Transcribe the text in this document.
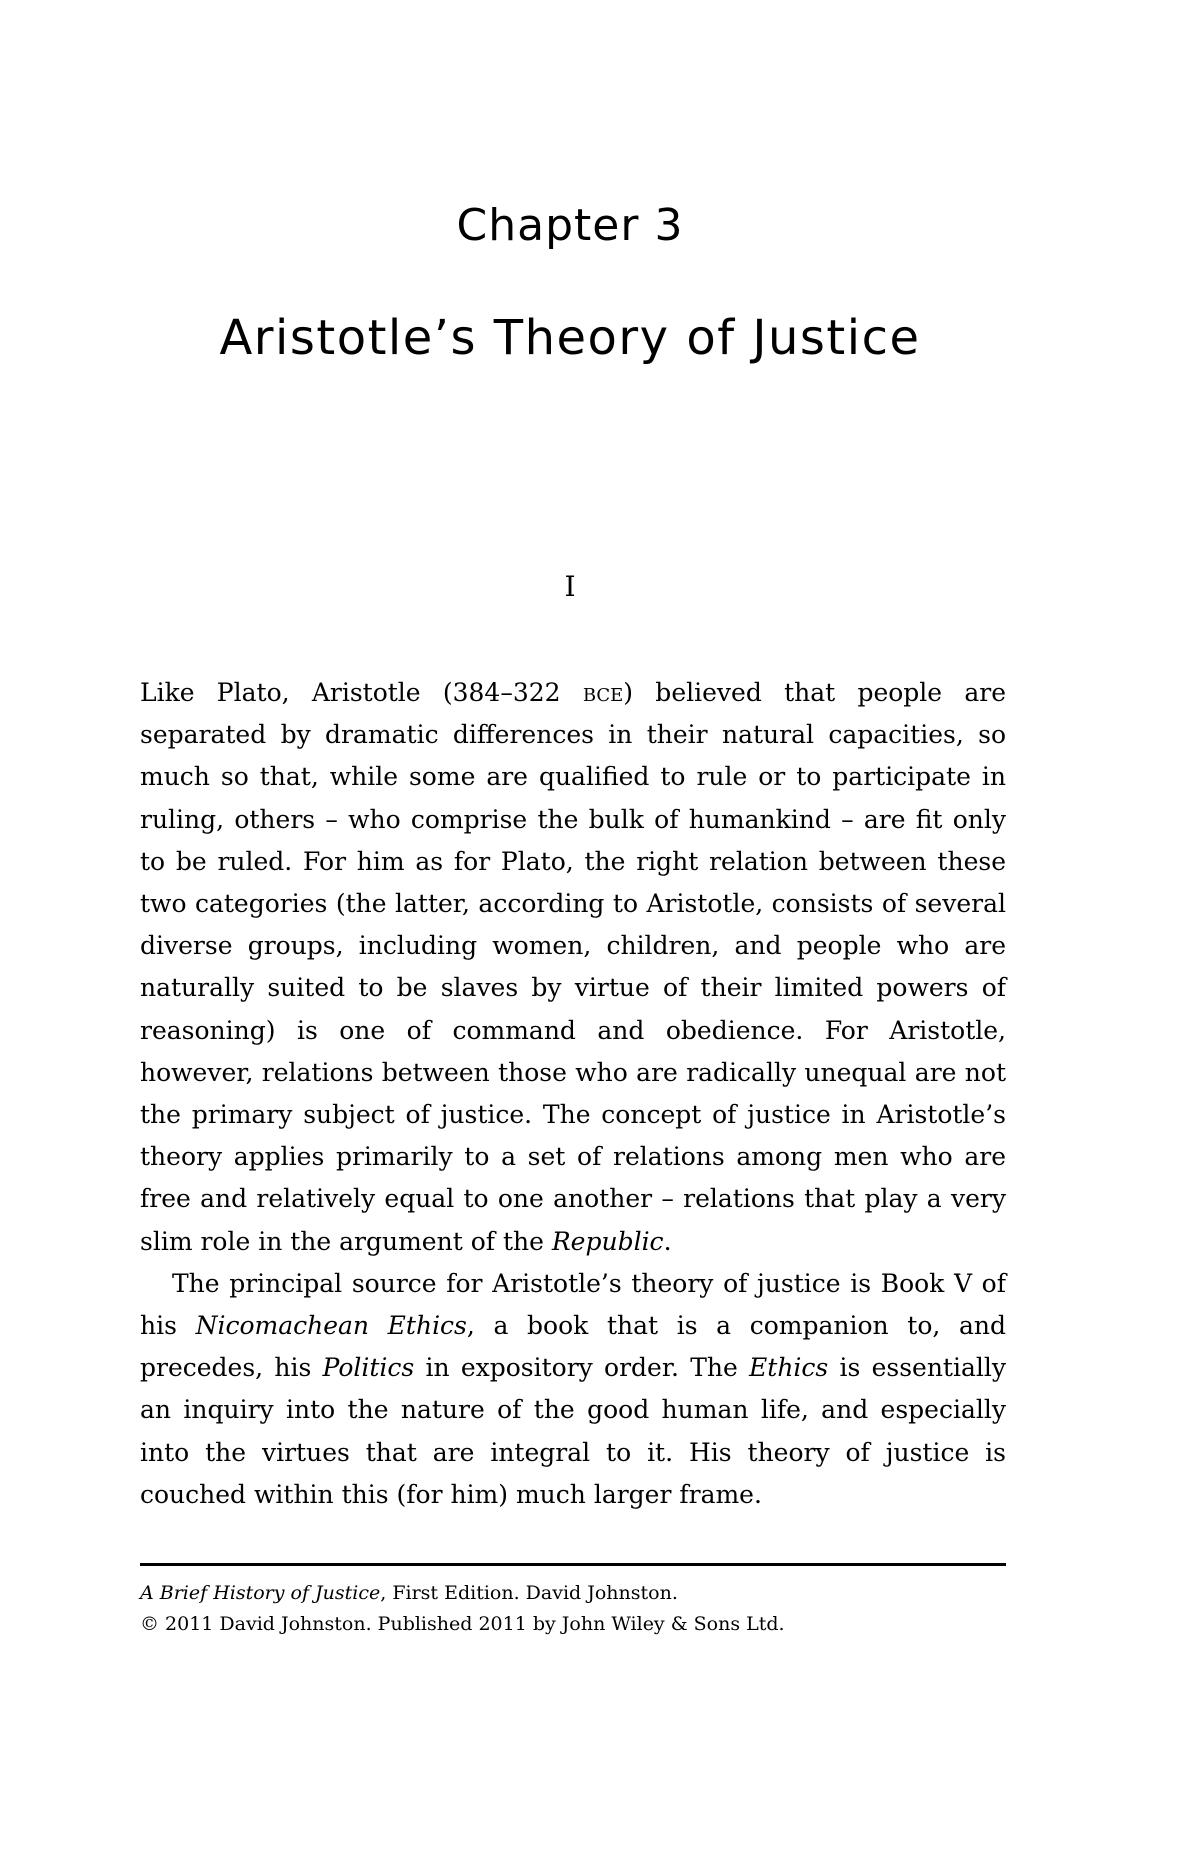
Chapter 3
Aristotle’s Theory of Justice
I

Like Plato, Aristotle (384–322 bce) believed that people are separated by dramatic differences in their natural capacities, so much so that, while some are qualified to rule or to participate in ruling, others – who comprise the bulk of humankind – are fit only to be ruled. For him as for Plato, the right relation between these two categories (the latter, according to Aristotle, consists of several diverse groups, including women, children, and people who are naturally suited to be slaves by virtue of their limited powers of reasoning) is one of command and obedience. For Aristotle, however, relations between those who are radically unequal are not the primary subject of justice. The concept of justice in Aristotle’s theory applies primarily to a set of relations among men who are free and relatively equal to one another – relations that play a very slim role in the argument of the Republic.

The principal source for Aristotle’s theory of justice is Book V of his Nicomachean Ethics, a book that is a companion to, and precedes, his Politics in expository order. The Ethics is essentially an inquiry into the nature of the good human life, and especially into the virtues that are integral to it. His theory of justice is couched within this (for him) much larger frame.

A Brief History of Justice, First Edition. David Johnston.

© 2011 David Johnston. Published 2011 by John Wiley & Sons Ltd.
